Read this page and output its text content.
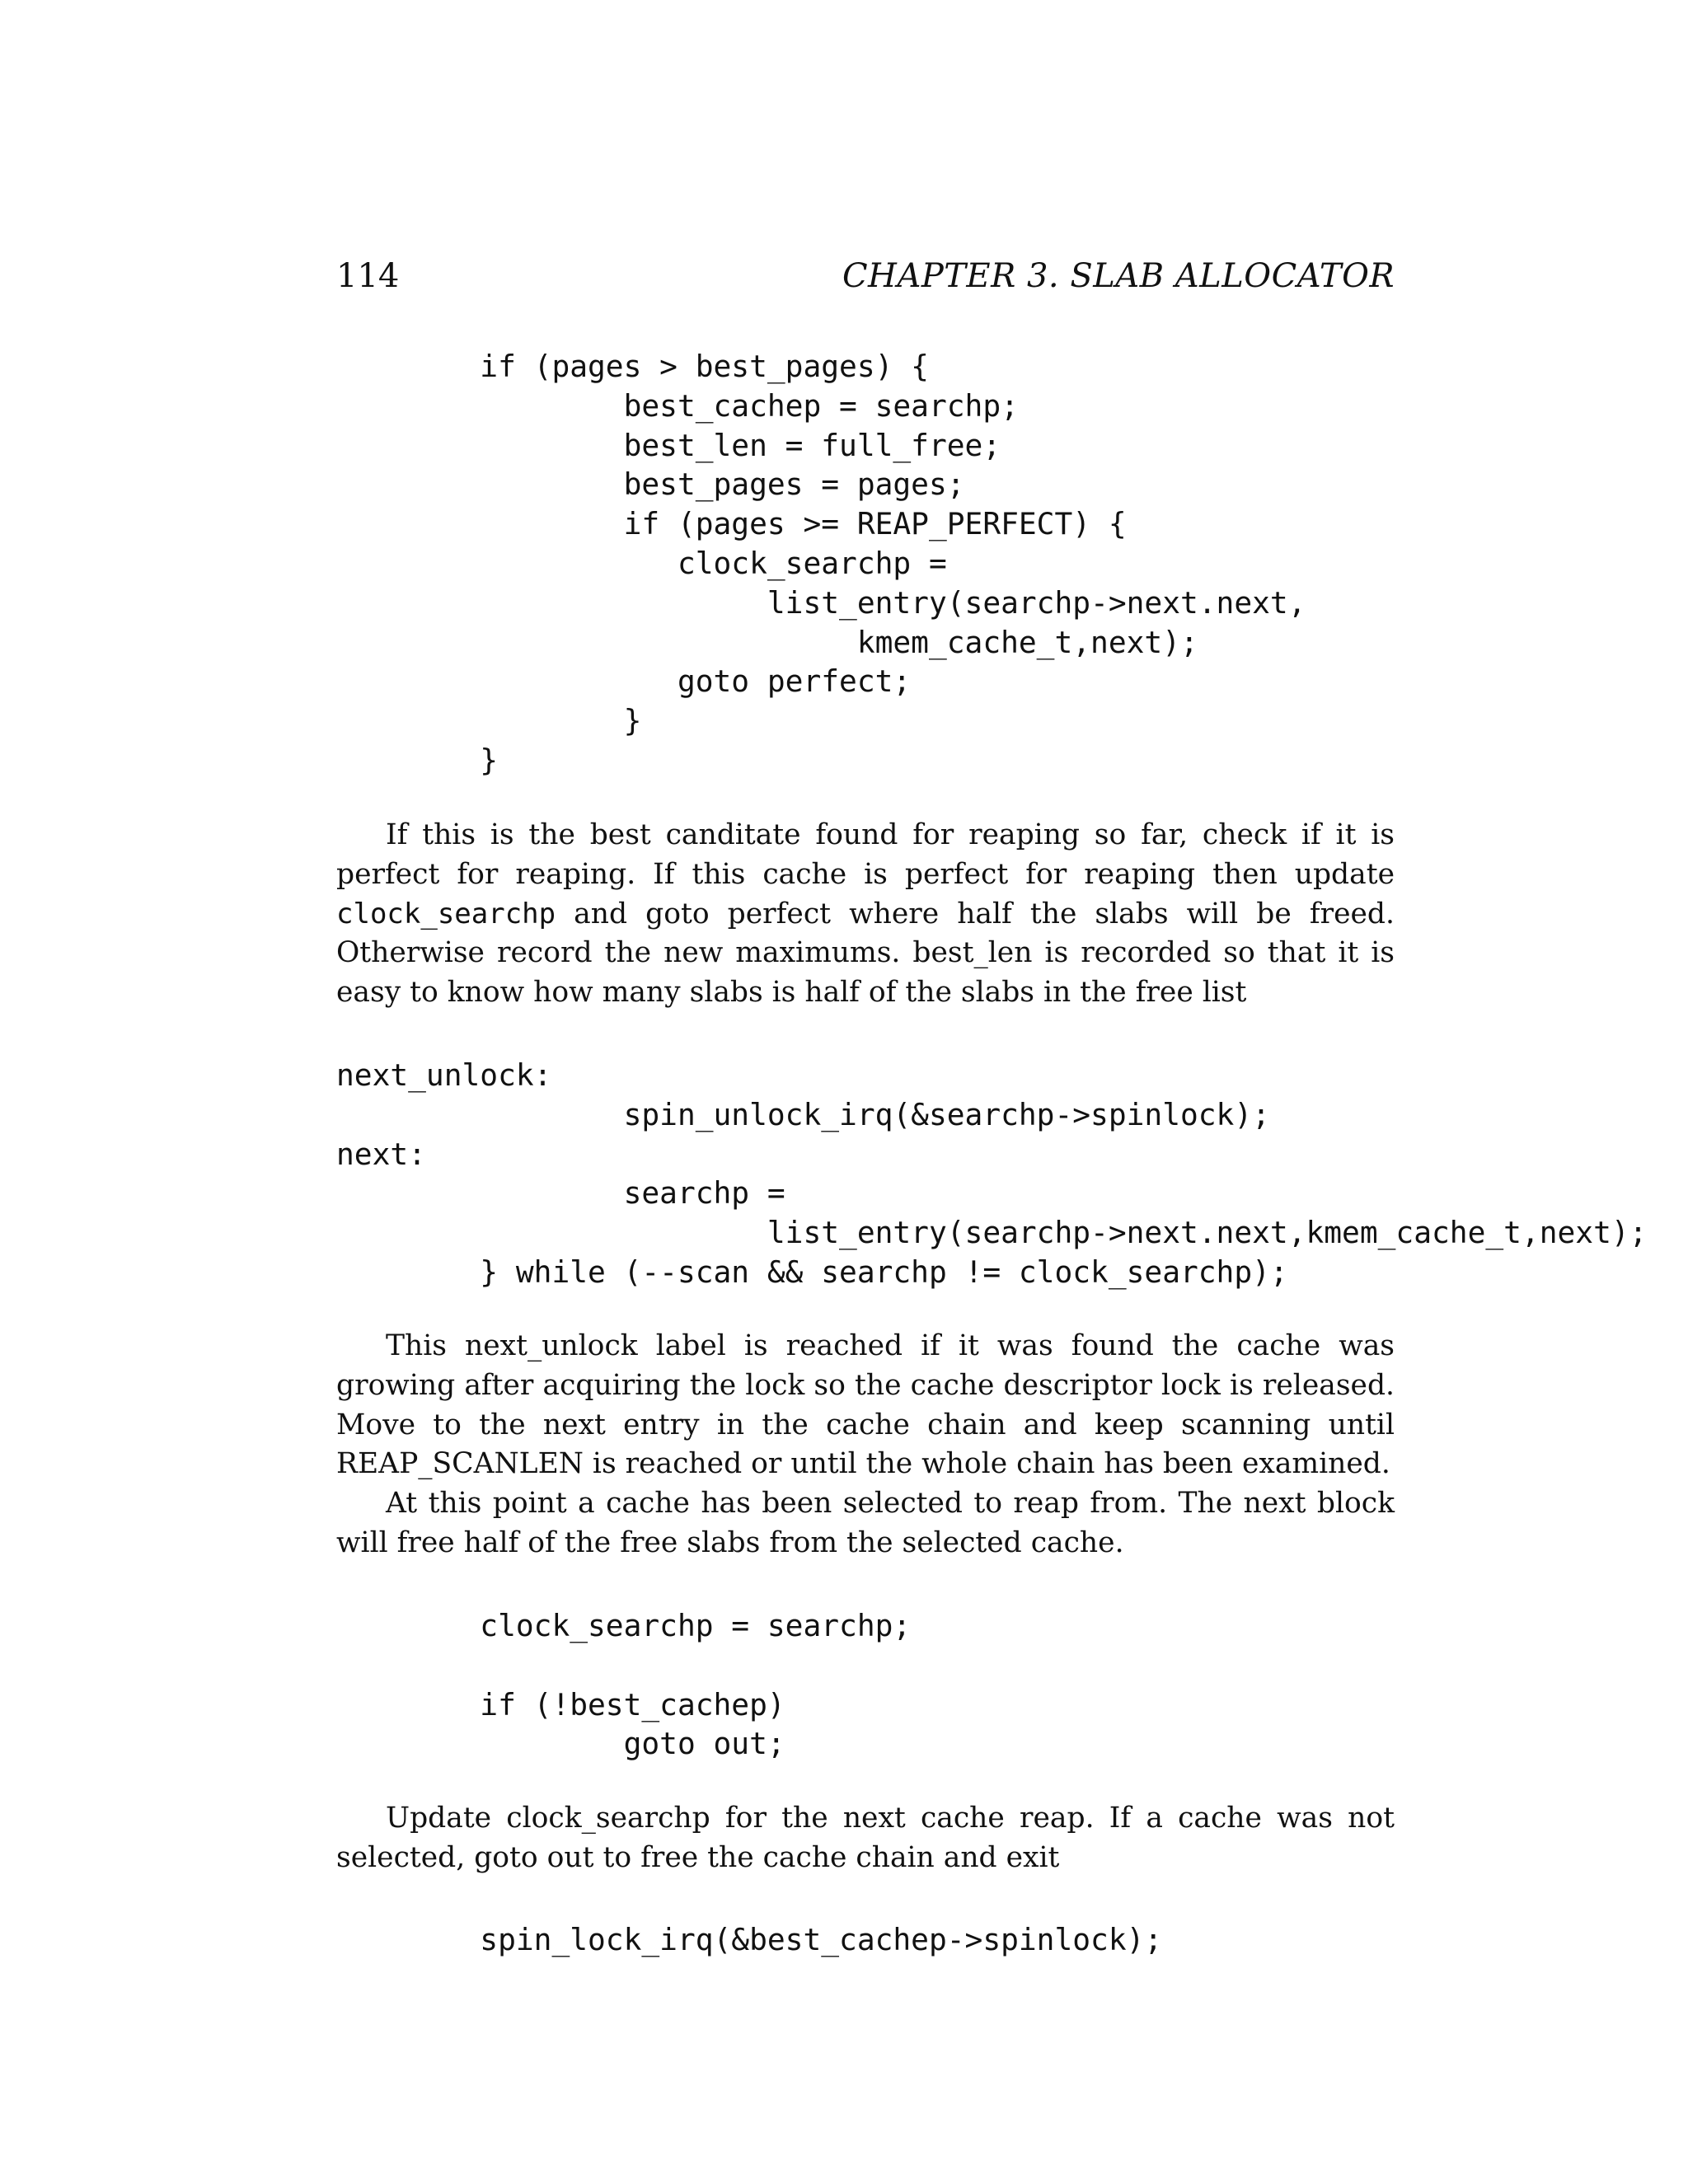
114	CHAPTER 3. SLAB ALLOCATOR
if (pages > best_pages) {
best_cachep = searchp;
best_len = full_free;
best_pages = pages;
if (pages >= REAP_PERFECT) {
clock_searchp =
list_entry(searchp->next.next,
kmem_cache_t,next);
goto perfect;
}
}

If this is the best canditate found for reaping so far, check if it is perfect for reaping. If this cache is perfect for reaping then update clock_searchp and goto perfect where half the slabs will be freed. Otherwise record the new maximums. best_len is recorded so that it is easy to know how many slabs is half of the slabs in the free list

next_unlock:
spin_unlock_irq(&searchp->spinlock);
next:
searchp =
list_entry(searchp->next.next,kmem_cache_t,next);
} while (--scan && searchp != clock_searchp);

This next_unlock label is reached if it was found the cache was growing after acquiring the lock so the cache descriptor lock is released. Move to the next entry in the cache chain and keep scanning until REAP_SCANLEN is reached or until the whole chain has been examined.

At this point a cache has been selected to reap from. The next block will free half of the free slabs from the selected cache.

clock_searchp = searchp;

if (!best_cachep)
goto out;

Update clock_searchp for the next cache reap. If a cache was not selected, goto out to free the cache chain and exit

spin_lock_irq(&best_cachep->spinlock);
